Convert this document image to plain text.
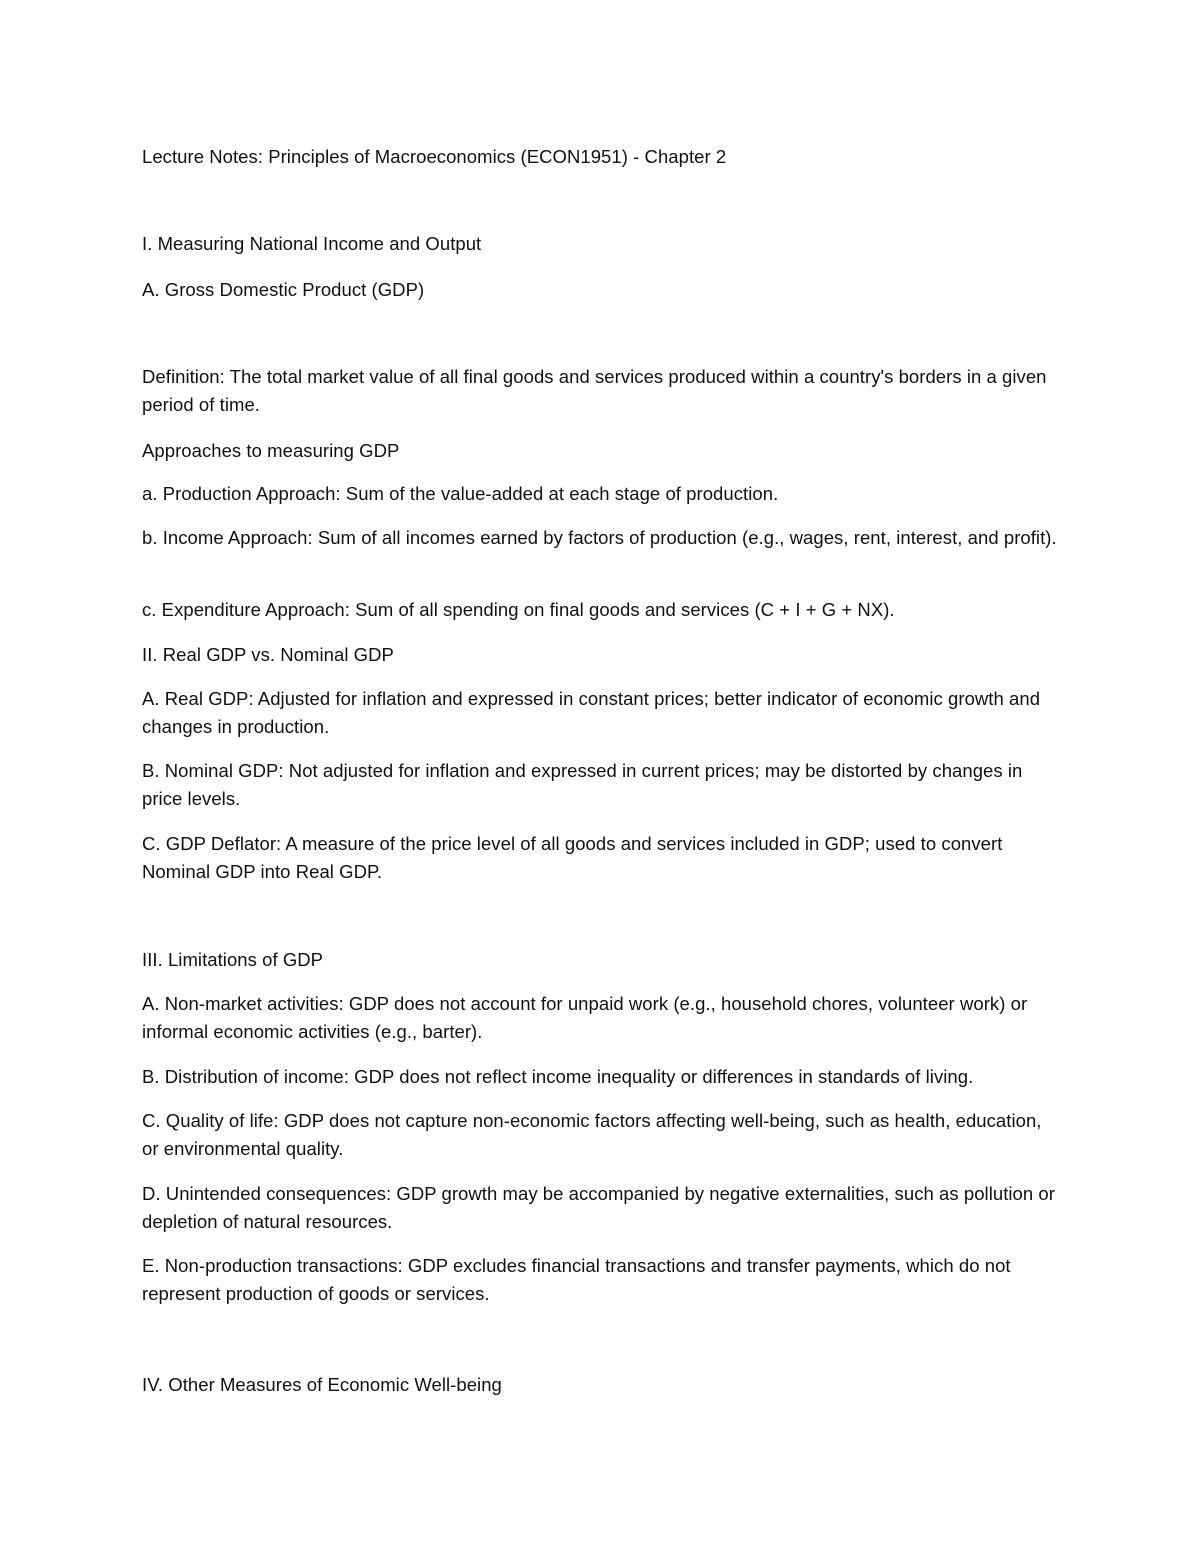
Lecture Notes: Principles of Macroeconomics (ECON1951) - Chapter 2

I. Measuring National Income and Output

A. Gross Domestic Product (GDP)

Definition: The total market value of all final goods and services produced within a country's borders in a given period of time.

Approaches to measuring GDP

a. Production Approach: Sum of the value-added at each stage of production.

b. Income Approach: Sum of all incomes earned by factors of production (e.g., wages, rent, interest, and profit).

c. Expenditure Approach: Sum of all spending on final goods and services (C + I + G + NX).

II. Real GDP vs. Nominal GDP

A. Real GDP: Adjusted for inflation and expressed in constant prices; better indicator of economic growth and changes in production.

B. Nominal GDP: Not adjusted for inflation and expressed in current prices; may be distorted by changes in price levels.

C. GDP Deflator: A measure of the price level of all goods and services included in GDP; used to convert Nominal GDP into Real GDP.

III. Limitations of GDP

A. Non-market activities: GDP does not account for unpaid work (e.g., household chores, volunteer work) or informal economic activities (e.g., barter).

B. Distribution of income: GDP does not reflect income inequality or differences in standards of living.

C. Quality of life: GDP does not capture non-economic factors affecting well-being, such as health, education, or environmental quality.

D. Unintended consequences: GDP growth may be accompanied by negative externalities, such as pollution or depletion of natural resources.

E. Non-production transactions: GDP excludes financial transactions and transfer payments, which do not represent production of goods or services.

IV. Other Measures of Economic Well-being
